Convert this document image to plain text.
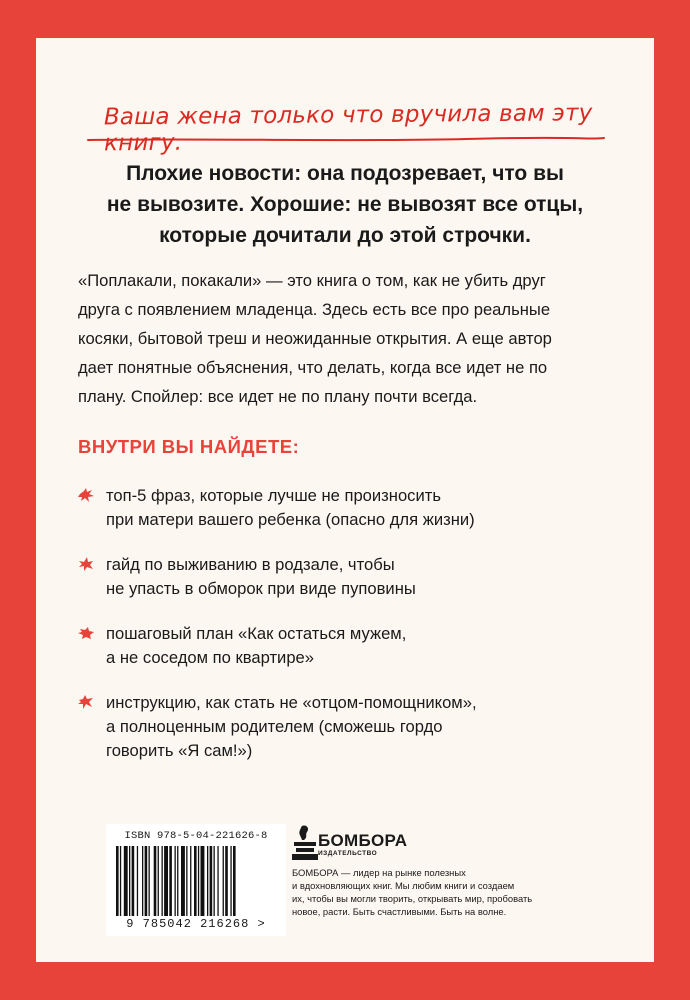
Ваша жена только что вручила вам эту книгу.
Плохие новости: она подозревает, что вы
не вывозите. Хорошие: не вывозят все отцы,
которые дочитали до этой строчки.
«Поплакали, покакали» — это книга о том, как не убить друг
друга с появлением младенца. Здесь есть все про реальные
косяки, бытовой треш и неожиданные открытия. А еще автор
дает понятные объяснения, что делать, когда все идет не по
плану. Спойлер: все идет не по плану почти всегда.
ВНУТРИ ВЫ НАЙДЕТЕ:
топ-5 фраз, которые лучше не произносить
при матери вашего ребенка (опасно для жизни)
гайд по выживанию в родзале, чтобы
не упасть в обморок при виде пуповины
пошаговый план «Как остаться мужем,
а не соседом по квартире»
инструкцию, как стать не «отцом-помощником»,
а полноценным родителем (сможешь гордо
говорить «Я сам!»)
ISBN 978-5-04-221626-8
9 785042 216268 >
БОМБОРА
ИЗДАТЕЛЬСТВО
БОМБОРА — лидер на рынке полезных
и вдохновляющих книг. Мы любим книги и создаем
их, чтобы вы могли творить, открывать мир, пробовать
новое, расти. Быть счастливыми. Быть на волне.
